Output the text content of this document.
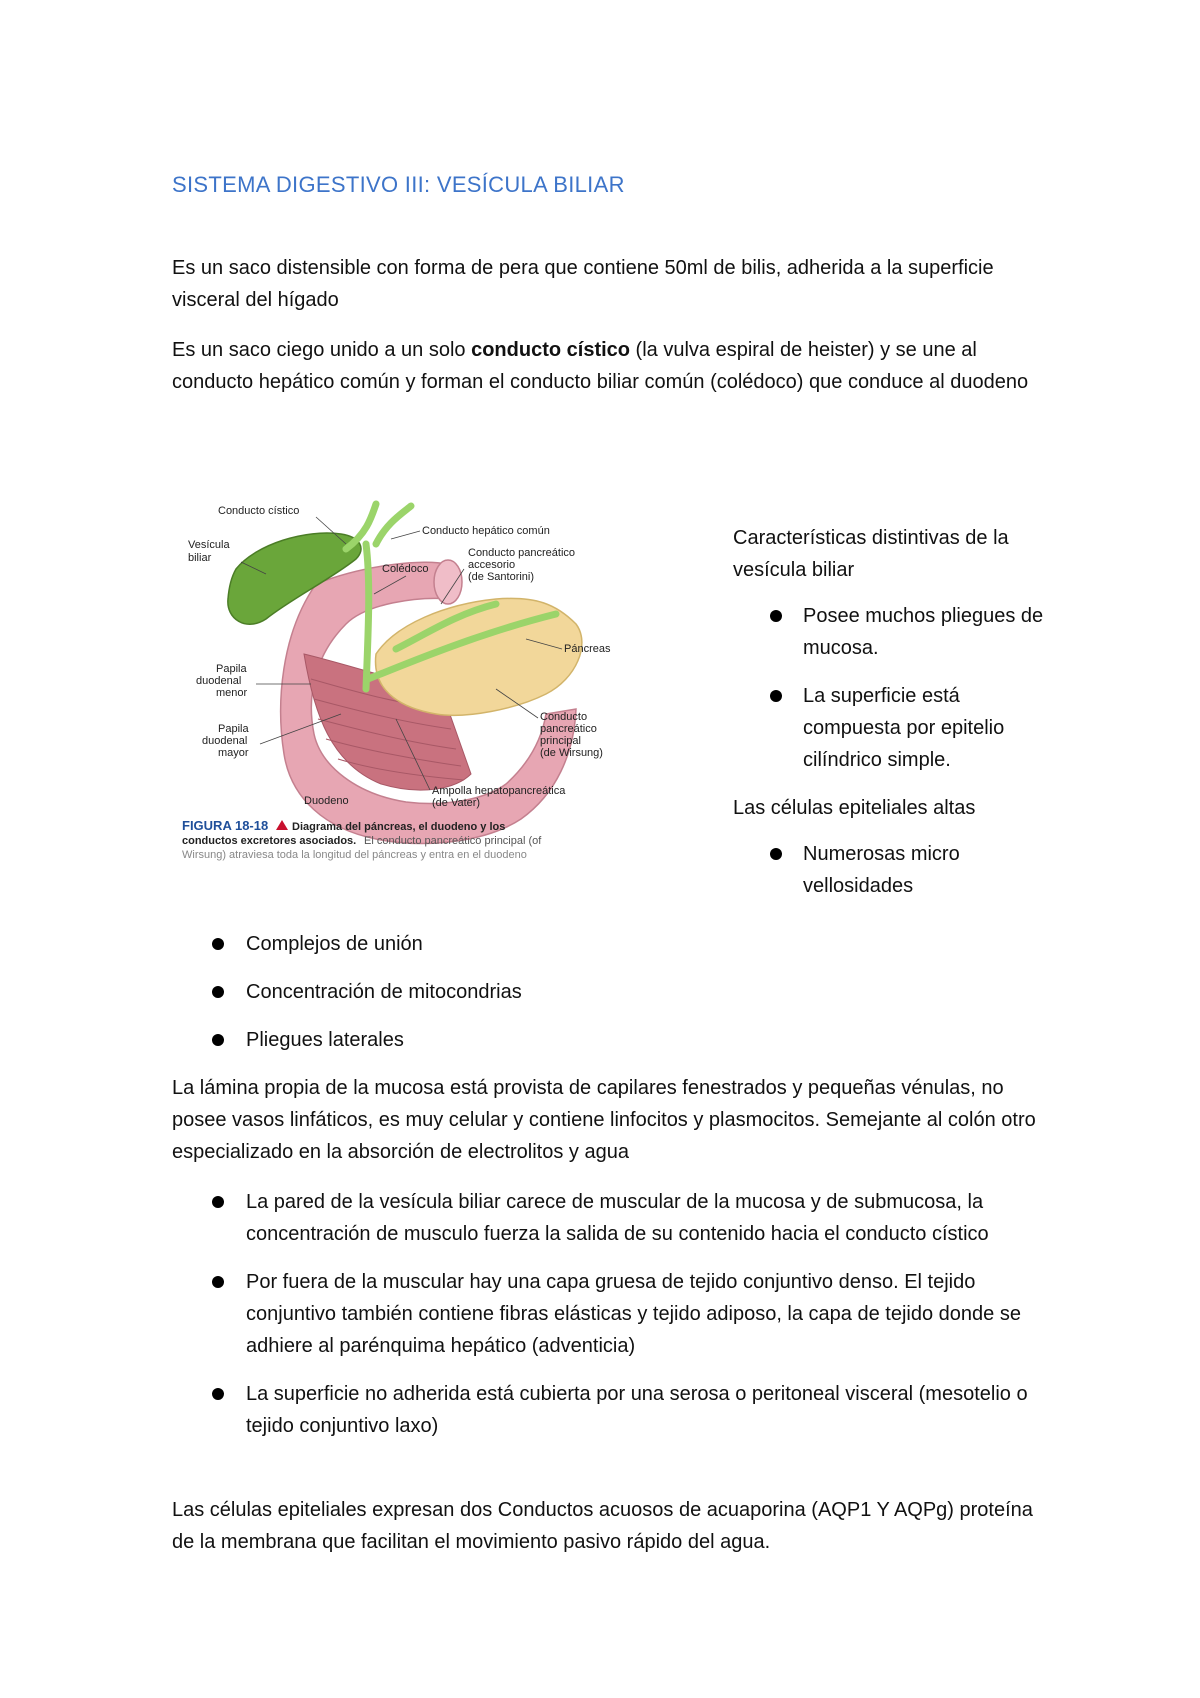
SISTEMA DIGESTIVO III: VESÍCULA BILIAR
Es un saco distensible con forma de pera que contiene 50ml de bilis, adherida a la superficie visceral del hígado
Es un saco ciego unido a un solo conducto cístico (la vulva espiral de heister) y se une al conducto hepático común y forman el conducto biliar común (colédoco) que conduce al duodeno
Conducto cístico
Vesícula
biliar
Conducto hepático común
Colédoco
Conducto pancreático
accesorio
(de Santorini)
Páncreas
Papila
duodenal
menor
Papila
duodenal
mayor
Conducto
pancreático
principal
(de Wirsung)
Duodeno
Ampolla hepatopancreática
(de Vater)
FIGURA 18-18 Diagrama del páncreas, el duodeno y los
conductos excretores asociados. El conducto pancreático principal (of
Wirsung) atraviesa toda la longitud del páncreas y entra en el duodeno
Características distintivas de la vesícula biliar
Posee muchos pliegues de mucosa.
La superficie está compuesta por epitelio cilíndrico simple.
Las células epiteliales altas
Numerosas micro vellosidades
Complejos de unión
Concentración de mitocondrias
Pliegues laterales
La lámina propia de la mucosa está provista de capilares fenestrados y pequeñas vénulas, no posee vasos linfáticos, es muy celular y contiene linfocitos y plasmocitos. Semejante al colón otro especializado en la absorción de electrolitos y agua
La pared de la vesícula biliar carece de muscular de la mucosa y de submucosa, la concentración de musculo fuerza la salida de su contenido hacia el conducto cístico
Por fuera de la muscular hay una capa gruesa de tejido conjuntivo denso. El tejido conjuntivo también contiene fibras elásticas y tejido adiposo, la capa de tejido donde se adhiere al parénquima hepático (adventicia)
La superficie no adherida está cubierta por una serosa o peritoneal visceral (mesotelio o tejido conjuntivo laxo)
Las células epiteliales expresan dos Conductos acuosos de acuaporina (AQP1 Y AQPg) proteína de la membrana que facilitan el movimiento pasivo rápido del agua.
